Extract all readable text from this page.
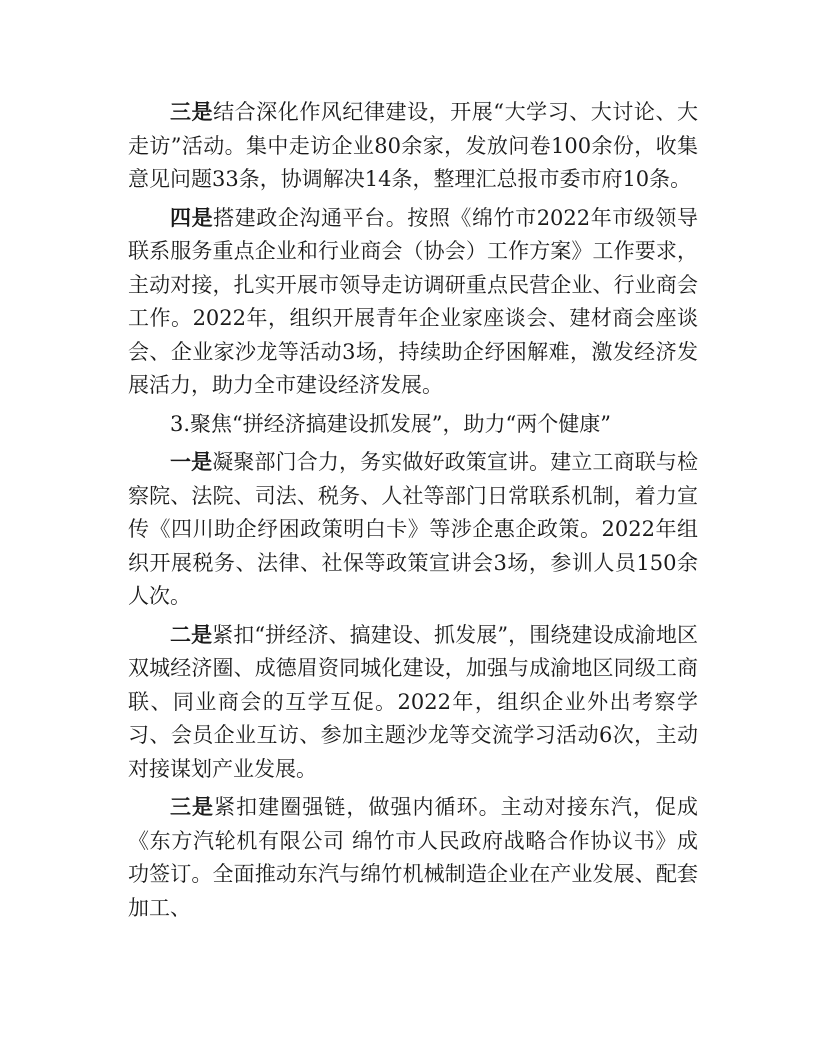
三是结合深化作风纪律建设，开展“大学习、大讨论、大走访”活动。集中走访企业80余家，发放问卷100余份，收集意见问题33条，协调解决14条，整理汇总报市委市府10条。

四是搭建政企沟通平台。按照《绵竹市2022年市级领导联系服务重点企业和行业商会（协会）工作方案》工作要求，主动对接，扎实开展市领导走访调研重点民营企业、行业商会工作。2022年，组织开展青年企业家座谈会、建材商会座谈会、企业家沙龙等活动3场，持续助企纾困解难，激发经济发展活力，助力全市建设经济发展。

3.聚焦“拼经济搞建设抓发展”，助力“两个健康”

一是凝聚部门合力，务实做好政策宣讲。建立工商联与检察院、法院、司法、税务、人社等部门日常联系机制，着力宣传《四川助企纾困政策明白卡》等涉企惠企政策。2022年组织开展税务、法律、社保等政策宣讲会3场，参训人员150余人次。

二是紧扣“拼经济、搞建设、抓发展”，围绕建设成渝地区双城经济圈、成德眉资同城化建设，加强与成渝地区同级工商联、同业商会的互学互促。2022年，组织企业外出考察学习、会员企业互访、参加主题沙龙等交流学习活动6次，主动对接谋划产业发展。

三是紧扣建圈强链，做强内循环。主动对接东汽，促成《东方汽轮机有限公司 绵竹市人民政府战略合作协议书》成功签订。全面推动东汽与绵竹机械制造企业在产业发展、配套加工、
